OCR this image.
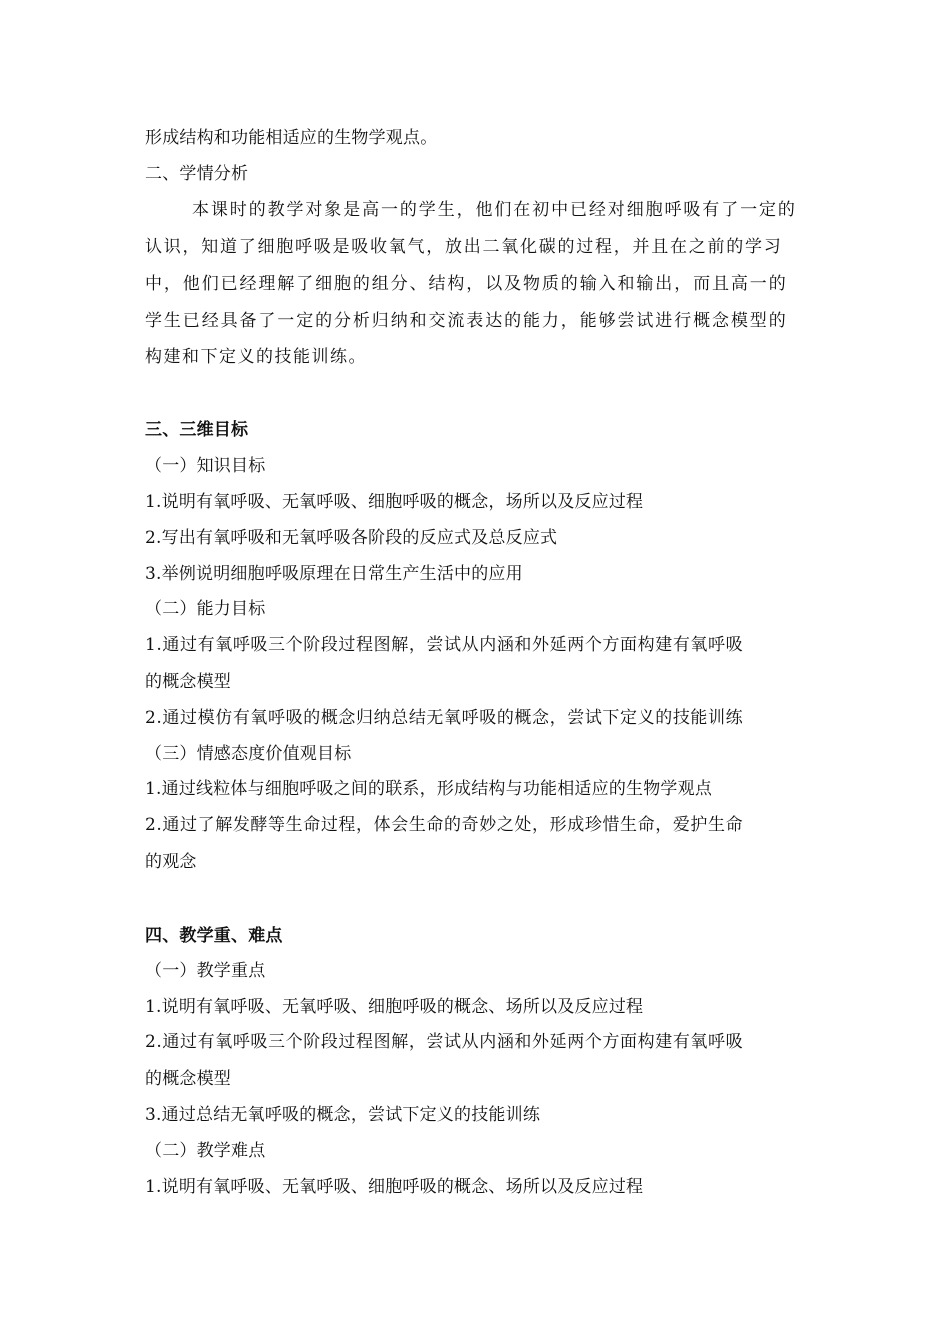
形成结构和功能相适应的生物学观点。
二、学情分析
本课时的教学对象是高一的学生，他们在初中已经对细胞呼吸有了一定的
认识，知道了细胞呼吸是吸收氧气，放出二氧化碳的过程，并且在之前的学习
中，他们已经理解了细胞的组分、结构，以及物质的输入和输出，而且高一的
学生已经具备了一定的分析归纳和交流表达的能力，能够尝试进行概念模型的
构建和下定义的技能训练。
三、三维目标
（一）知识目标
1.说明有氧呼吸、无氧呼吸、细胞呼吸的概念，场所以及反应过程
2.写出有氧呼吸和无氧呼吸各阶段的反应式及总反应式
3.举例说明细胞呼吸原理在日常生产生活中的应用
（二）能力目标
1.通过有氧呼吸三个阶段过程图解，尝试从内涵和外延两个方面构建有氧呼吸
的概念模型
2.通过模仿有氧呼吸的概念归纳总结无氧呼吸的概念，尝试下定义的技能训练
（三）情感态度价值观目标
1.通过线粒体与细胞呼吸之间的联系，形成结构与功能相适应的生物学观点
2.通过了解发酵等生命过程，体会生命的奇妙之处，形成珍惜生命，爱护生命
的观念
四、教学重、难点
（一）教学重点
1.说明有氧呼吸、无氧呼吸、细胞呼吸的概念、场所以及反应过程
2.通过有氧呼吸三个阶段过程图解，尝试从内涵和外延两个方面构建有氧呼吸
的概念模型
3.通过总结无氧呼吸的概念，尝试下定义的技能训练
（二）教学难点
1.说明有氧呼吸、无氧呼吸、细胞呼吸的概念、场所以及反应过程
